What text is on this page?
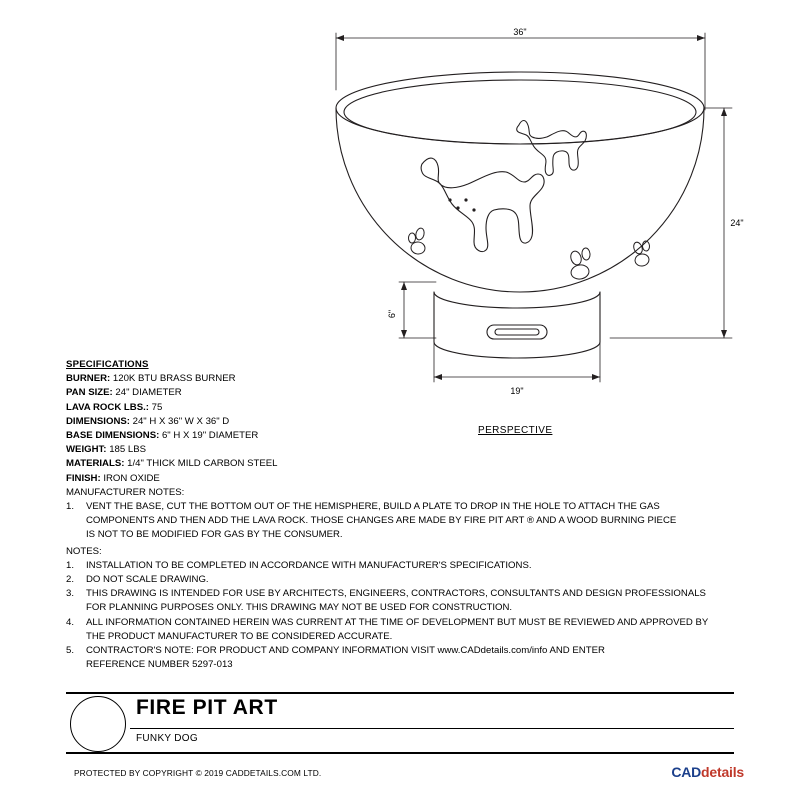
36"
24"
6"
19"
PERSPECTIVE
SPECIFICATIONS
BURNER: 120K BTU BRASS BURNER
PAN SIZE: 24" DIAMETER
LAVA ROCK LBS.: 75
DIMENSIONS: 24" H X 36" W X 36" D
BASE DIMENSIONS: 6" H X 19" DIAMETER
WEIGHT: 185 LBS
MATERIALS: 1/4" THICK MILD CARBON STEEL
FINISH: IRON OXIDE
MANUFACTURER NOTES:
1.	VENT THE BASE, CUT THE BOTTOM OUT OF THE HEMISPHERE, BUILD A PLATE TO DROP IN THE HOLE TO ATTACH THE GAS
COMPONENTS AND THEN ADD THE LAVA ROCK. THOSE CHANGES ARE MADE BY FIRE PIT ART ® AND A WOOD BURNING PIECE
IS NOT TO BE MODIFIED FOR GAS BY THE CONSUMER.
NOTES:
1.	INSTALLATION TO BE COMPLETED IN ACCORDANCE WITH MANUFACTURER'S SPECIFICATIONS.
2.	DO NOT SCALE DRAWING.
3.	THIS DRAWING IS INTENDED FOR USE BY ARCHITECTS, ENGINEERS, CONTRACTORS, CONSULTANTS AND DESIGN PROFESSIONALS
FOR PLANNING PURPOSES ONLY. THIS DRAWING MAY NOT BE USED FOR CONSTRUCTION.
4.	ALL INFORMATION CONTAINED HEREIN WAS CURRENT AT THE TIME OF DEVELOPMENT BUT MUST BE REVIEWED AND APPROVED BY
THE PRODUCT MANUFACTURER TO BE CONSIDERED ACCURATE.
5.	CONTRACTOR'S NOTE: FOR PRODUCT AND COMPANY INFORMATION VISIT www.CADdetails.com/info AND ENTER
REFERENCE NUMBER 5297-013
FIRE PIT ART
FUNKY DOG
PROTECTED BY COPYRIGHT © 2019 CADDETAILS.COM LTD.	CADdetails
